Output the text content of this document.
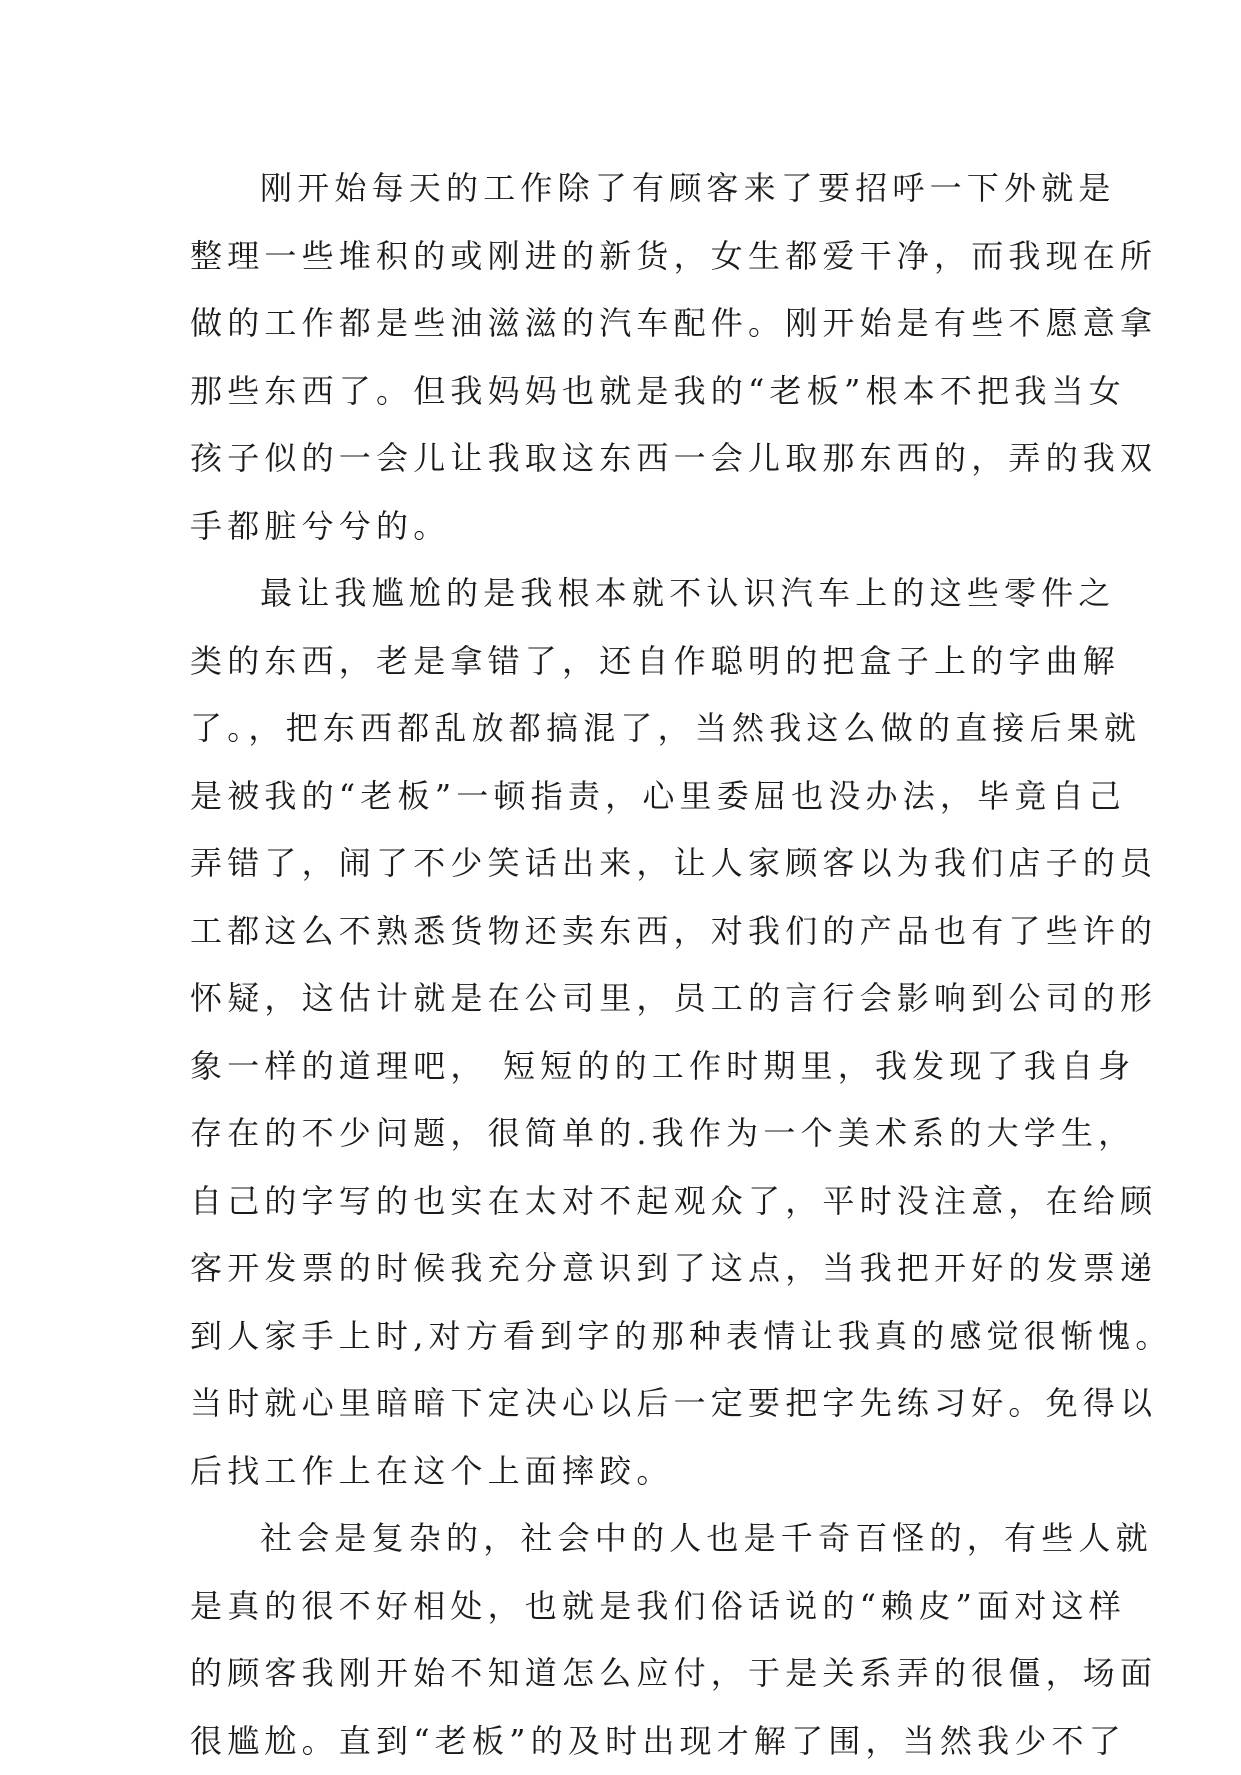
刚开始每天的工作除了有顾客来了要招呼一下外就是
整理一些堆积的或刚进的新货，女生都爱干净，而我现在所
做的工作都是些油滋滋的汽车配件。刚开始是有些不愿意拿
那些东西了。但我妈妈也就是我的“老板”根本不把我当女
孩子似的一会儿让我取这东西一会儿取那东西的，弄的我双
手都脏兮兮的。
最让我尴尬的是我根本就不认识汽车上的这些零件之
类的东西，老是拿错了，还自作聪明的把盒子上的字曲解
了。，把东西都乱放都搞混了，当然我这么做的直接后果就
是被我的“老板”一顿指责，心里委屈也没办法，毕竟自己
弄错了，闹了不少笑话出来，让人家顾客以为我们店子的员
工都这么不熟悉货物还卖东西，对我们的产品也有了些许的
怀疑，这估计就是在公司里，员工的言行会影响到公司的形
象一样的道理吧， 短短的的工作时期里，我发现了我自身
存在的不少问题，很简单的.我作为一个美术系的大学生，
自己的字写的也实在太对不起观众了，平时没注意，在给顾
客开发票的时候我充分意识到了这点，当我把开好的发票递
到人家手上时,对方看到字的那种表情让我真的感觉很惭愧。
当时就心里暗暗下定决心以后一定要把字先练习好。免得以
后找工作上在这个上面摔跤。
社会是复杂的，社会中的人也是千奇百怪的，有些人就
是真的很不好相处，也就是我们俗话说的“赖皮”面对这样
的顾客我刚开始不知道怎么应付，于是关系弄的很僵，场面
很尴尬。直到“老板”的及时出现才解了围，当然我少不了
